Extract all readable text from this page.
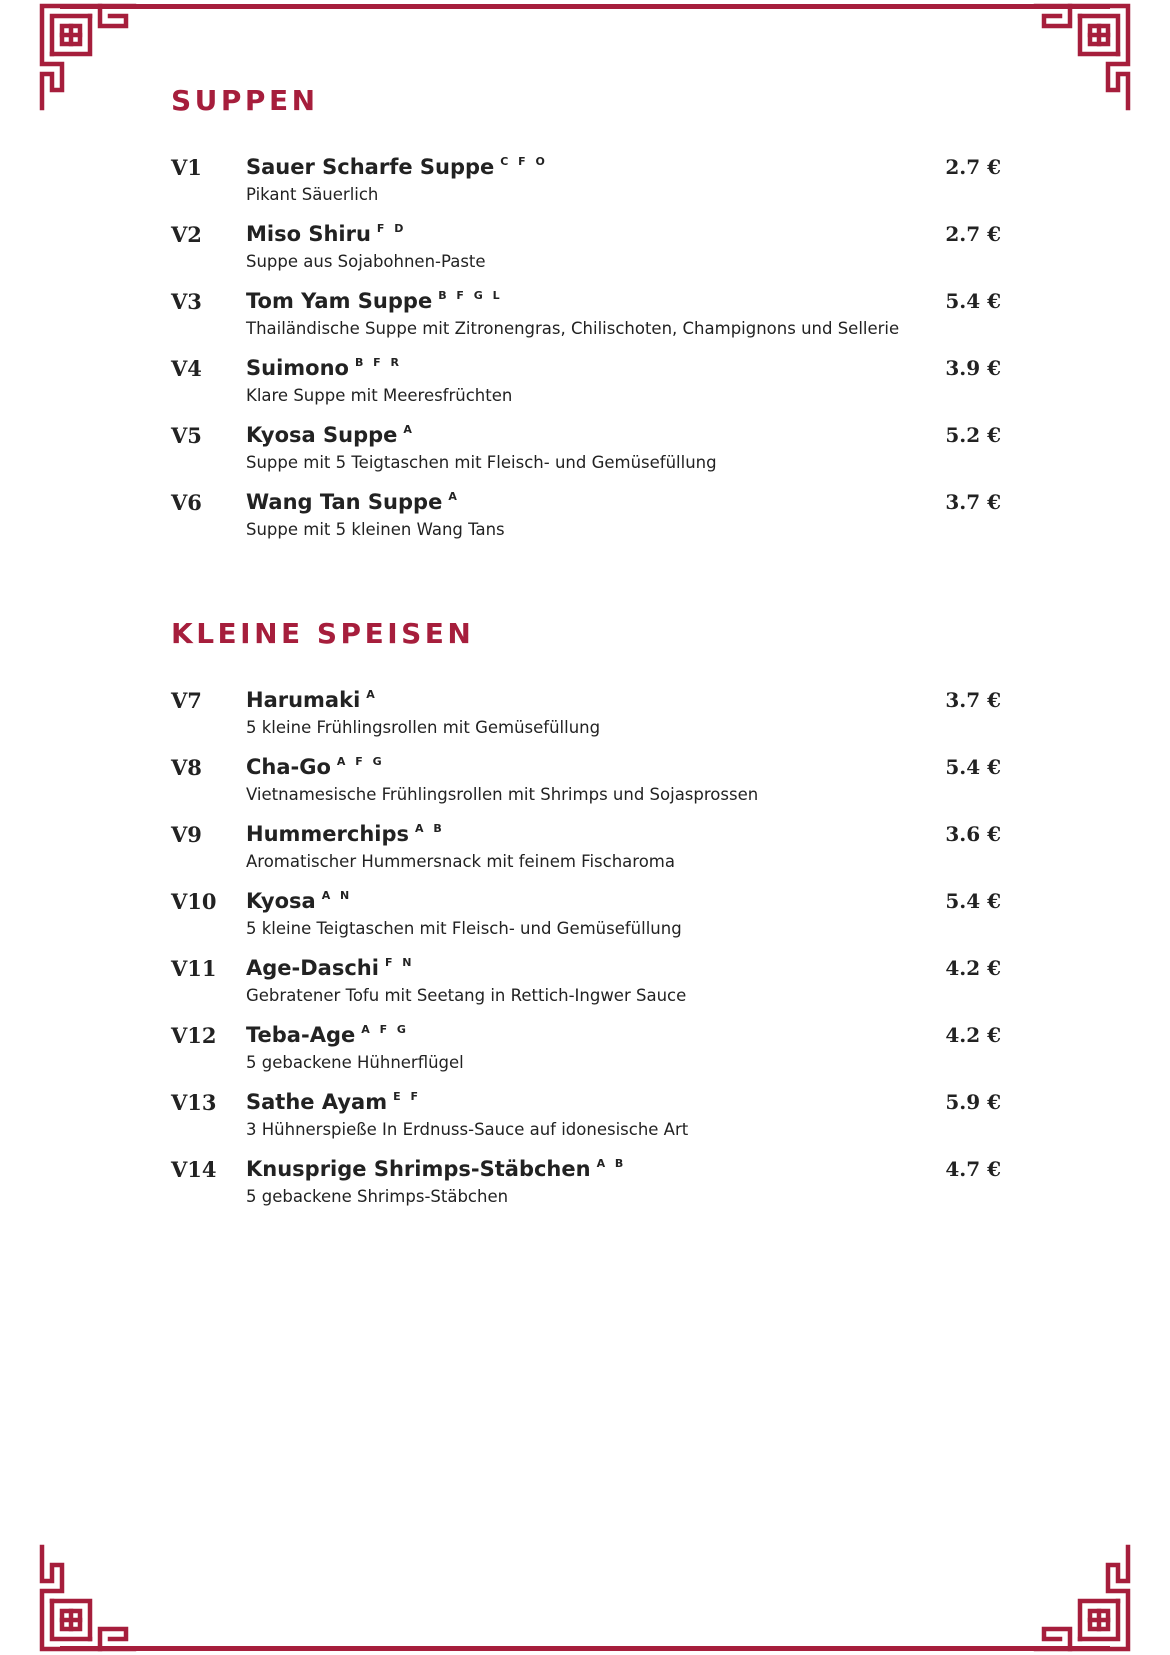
SUPPEN
V1 Sauer Scharfe Suppe $^{C F O}$
Pikant Säuerlich
2.7 €
V2 Miso Shiru $^{F D}$
Suppe aus Sojabohnen-Paste
2.7 €
V3 Tom Yam Suppe $^{B F G L}$
Thailändische Suppe mit Zitronengras, Chilischoten, Champignons und Sellerie
5.4 €
V4 Suimono $^{B F R}$
Klare Suppe mit Meeresfrüchten
3.9 €
V5 Kyosa Suppe $^A$
Suppe mit 5 Teigtaschen mit Fleisch- und Gemüsefüllung
5.2 €
V6 Wang Tan Suppe $^A$
Suppe mit 5 kleinen Wang Tans
3.7 €
KLEINE SPEISEN
V7 Harumaki $^A$
5 kleine Frühlingsrollen mit Gemüsefüllung
3.7 €
V8 Cha-Go $^{A F G}$
Vietnamesische Frühlingsrollen mit Shrimps und Sojasprossen
5.4 €
V9 Hummerchips $^{A B}$
Aromatischer Hummersnack mit feinem Fischaroma
3.6 €
V10 Kyosa $^{A N}$
5 kleine Teigtaschen mit Fleisch- und Gemüsefüllung
5.4 €
V11 Age-Daschi $^{F N}$
Gebratener Tofu mit Seetang in Rettich-Ingwer Sauce
4.2 €
V12 Teba-Age $^{A F G}$
5 gebackene Hühnerflügel
4.2 €
V13 Sathe Ayam $^{E F}$
3 Hühnerspieße In Erdnuss-Sauce auf idonesische Art
5.9 €
V14 Knusprige Shrimps-Stäbchen $^{A B}$
5 gebackene Shrimps-Stäbchen
4.7 €
